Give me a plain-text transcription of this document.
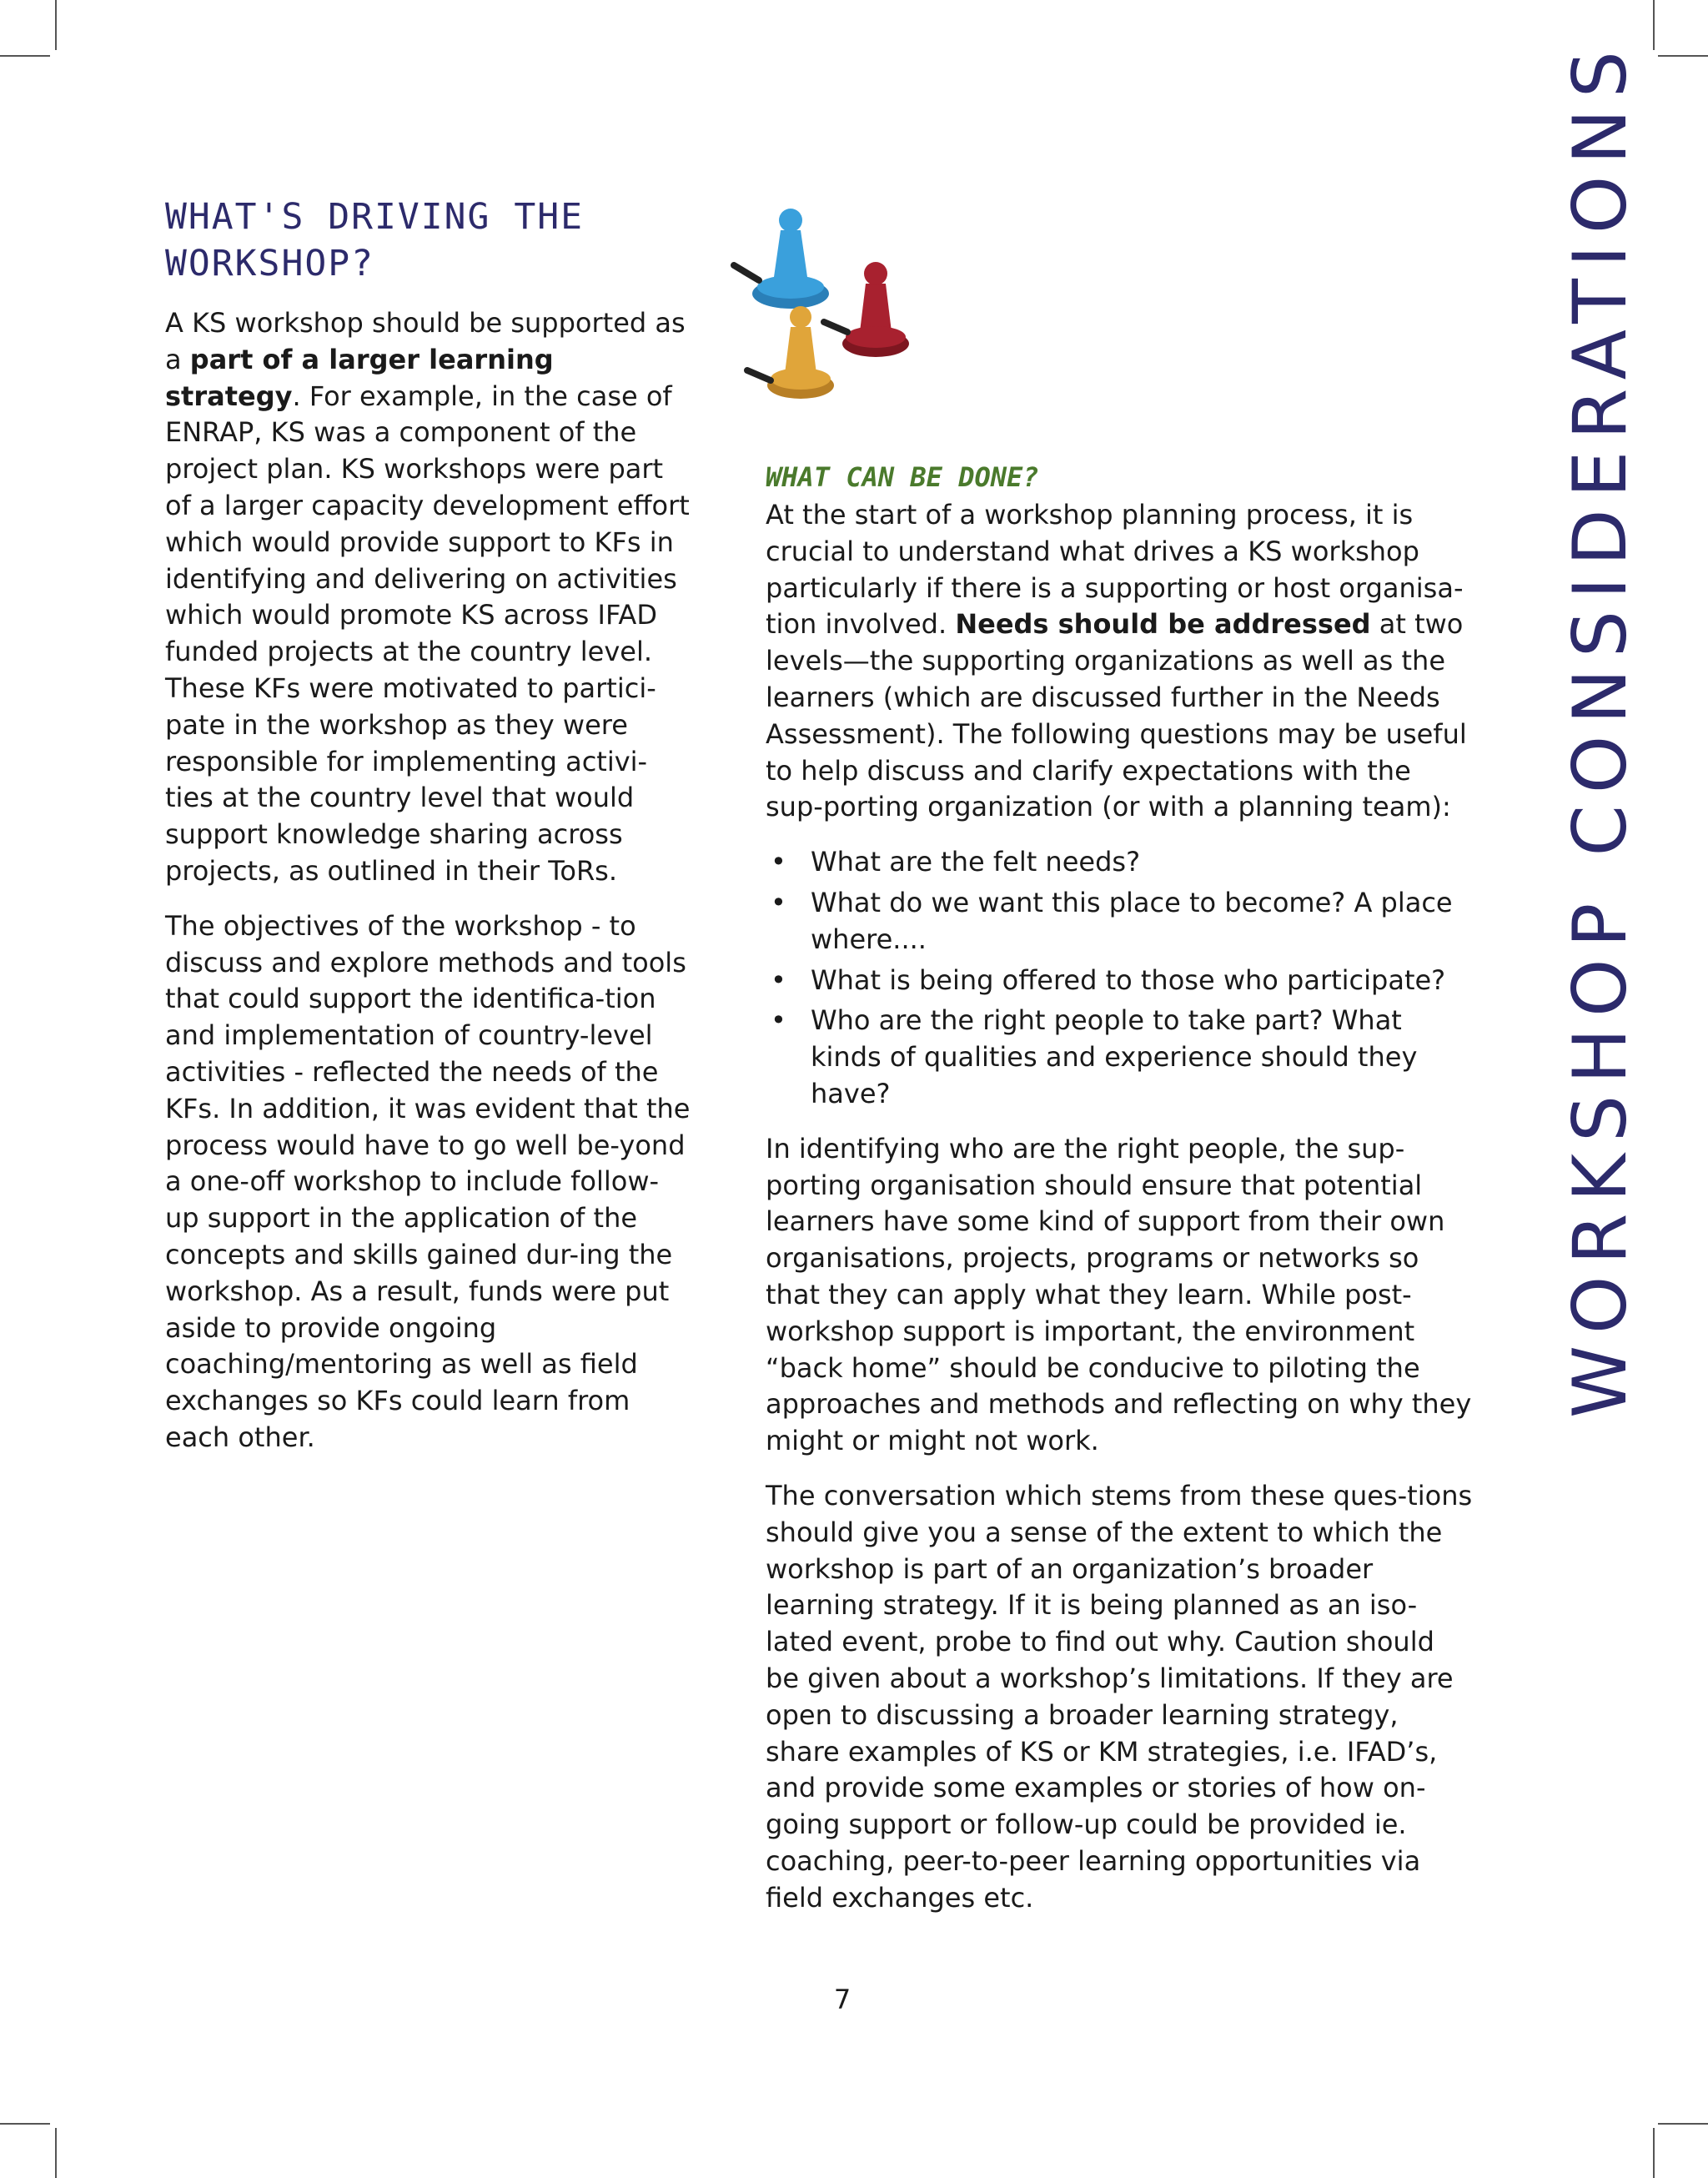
WORKSHOP CONSIDERATIONS
WHAT'S DRIVING THE WORKSHOP?

A KS workshop should be supported as a part of a larger learning strategy. For example, in the case of ENRAP, KS was a component of the project plan. KS workshops were part of a larger capacity development effort which would provide support to KFs in identifying and delivering on activities which would promote KS across IFAD funded projects at the country level. These KFs were motivated to partici-pate in the workshop as they were responsible for implementing activi-ties at the country level that would support knowledge sharing across projects, as outlined in their ToRs.

The objectives of the workshop - to discuss and explore methods and tools that could support the identifica-tion and implementation of country-level activities - reflected the needs of the KFs. In addition, it was evident that the process would have to go well be-yond a one-off workshop to include follow-up support in the application of the concepts and skills gained dur-ing the workshop. As a result, funds were put aside to provide ongoing coaching/mentoring as well as field exchanges so KFs could learn from each other.

WHAT CAN BE DONE?

At the start of a workshop planning process, it is crucial to understand what drives a KS workshop particularly if there is a supporting or host organisa-tion involved. Needs should be addressed at two levels—the supporting organizations as well as the learners (which are discussed further in the Needs Assessment). The following questions may be useful to help discuss and clarify expectations with the sup-porting organization (or with a planning team):

• What are the felt needs?
• What do we want this place to become? A place where....
• What is being offered to those who participate?
• Who are the right people to take part? What kinds of qualities and experience should they have?

In identifying who are the right people, the sup-porting organisation should ensure that potential learners have some kind of support from their own organisations, projects, programs or networks so that they can apply what they learn. While post-workshop support is important, the environment “back home” should be conducive to piloting the approaches and methods and reflecting on why they might or might not work.

The conversation which stems from these ques-tions should give you a sense of the extent to which the workshop is part of an organization’s broader learning strategy. If it is being planned as an iso-lated event, probe to find out why. Caution should be given about a workshop’s limitations. If they are open to discussing a broader learning strategy, share examples of KS or KM strategies, i.e. IFAD’s, and provide some examples or stories of how on-going support or follow-up could be provided ie. coaching, peer-to-peer learning opportunities via field exchanges etc.

7
